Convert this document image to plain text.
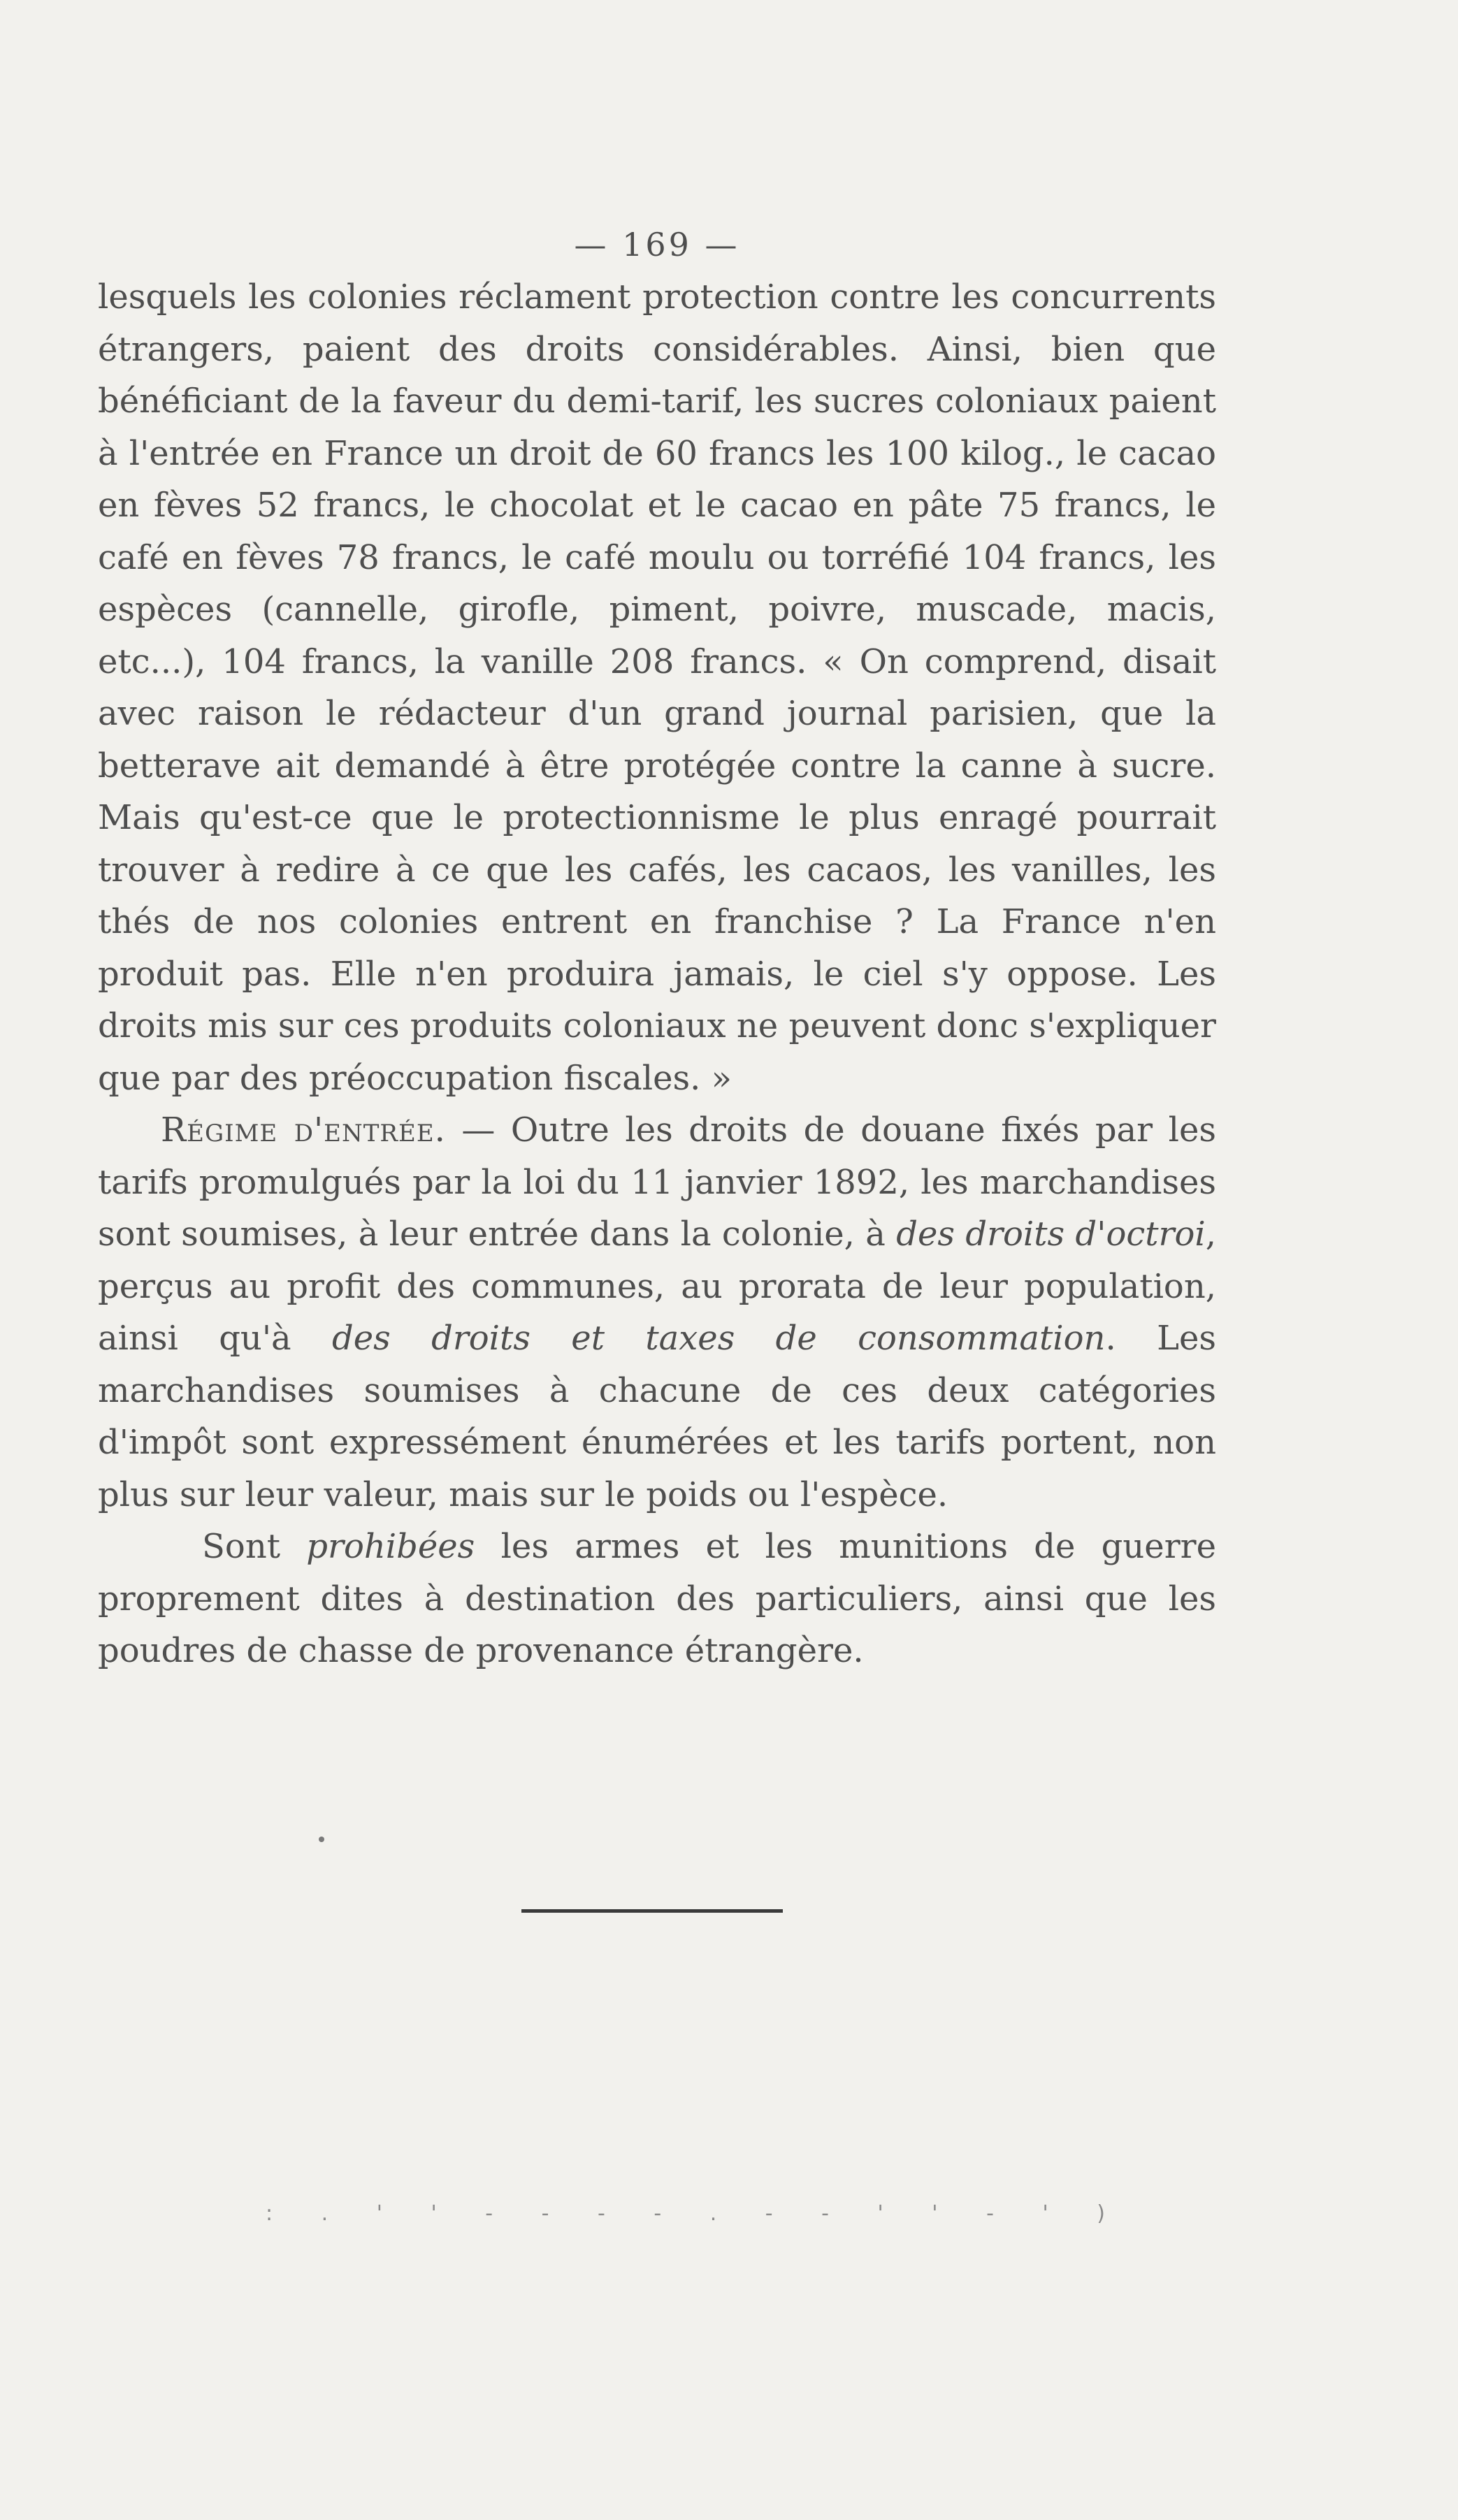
— 169 —

lesquels les colonies réclament protection contre les concurrents étrangers, paient des droits considérables. Ainsi, bien que bénéficiant de la faveur du demi-tarif, les sucres coloniaux paient à l'entrée en France un droit de 60 francs les 100 kilog., le cacao en fèves 52 francs, le chocolat et le cacao en pâte 75 francs, le café en fèves 78 francs, le café moulu ou torréfié 104 francs, les espèces (cannelle, girofle, piment, poivre, muscade, macis, etc...), 104 francs, la vanille 208 francs. « On comprend, disait avec raison le rédacteur d'un grand journal parisien, que la betterave ait demandé à être protégée contre la canne à sucre. Mais qu'est-ce que le protectionnisme le plus enragé pourrait trouver à redire à ce que les cafés, les cacaos, les vanilles, les thés de nos colonies entrent en franchise ? La France n'en produit pas. Elle n'en produira jamais, le ciel s'y oppose. Les droits mis sur ces produits coloniaux ne peuvent donc s'expliquer que par des préoccupation fiscales. »

Régime d'entrée. — Outre les droits de douane fixés par les tarifs promulgués par la loi du 11 janvier 1892, les marchandises sont soumises, à leur entrée dans la colonie, à des droits d'octroi, perçus au profit des communes, au prorata de leur population, ainsi qu'à des droits et taxes de consommation. Les marchandises soumises à chacune de ces deux catégories d'impôt sont expressément énumérées et les tarifs portent, non plus sur leur valeur, mais sur le poids ou l'espèce.

Sont prohibées les armes et les munitions de guerre proprement dites à destination des particuliers, ainsi que les poudres de chasse de provenance étrangère.

: . ' ' - - - - . - - ' ' - ' )
